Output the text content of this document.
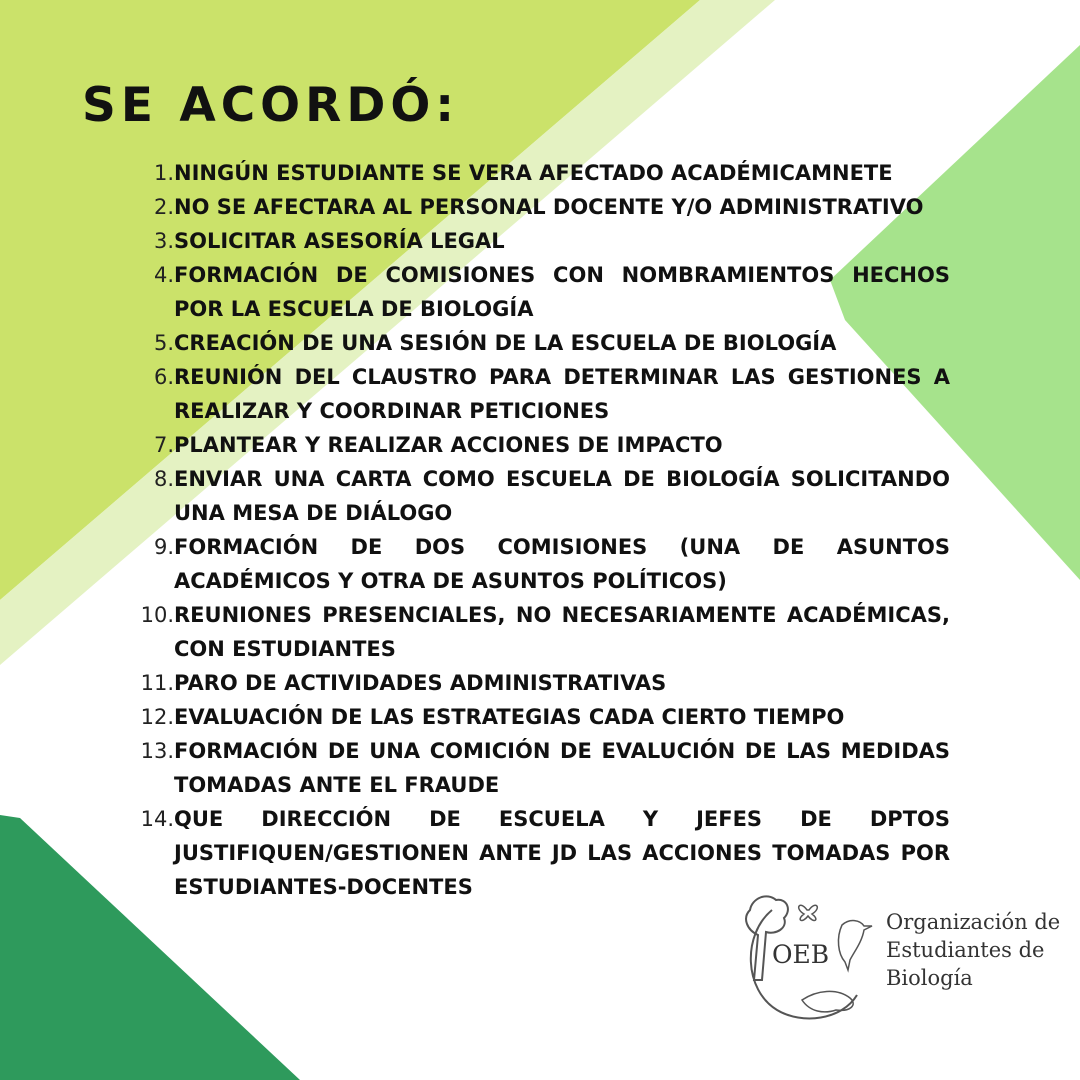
SE ACORDÓ:
1. NINGÚN ESTUDIANTE SE VERA AFECTADO ACADÉMICAMNETE
2. NO SE AFECTARA AL PERSONAL DOCENTE Y/O ADMINISTRATIVO
3. SOLICITAR ASESORÍA LEGAL
4. FORMACIÓN DE COMISIONES CON NOMBRAMIENTOS HECHOS POR LA ESCUELA DE BIOLOGÍA
5. CREACIÓN DE UNA SESIÓN DE LA ESCUELA DE BIOLOGÍA
6. REUNIÓN DEL CLAUSTRO PARA DETERMINAR LAS GESTIONES A REALIZAR Y COORDINAR PETICIONES
7. PLANTEAR Y REALIZAR ACCIONES DE IMPACTO
8. ENVIAR UNA CARTA COMO ESCUELA DE BIOLOGÍA SOLICITANDO UNA MESA DE DIÁLOGO
9. FORMACIÓN DE DOS COMISIONES (UNA DE ASUNTOS ACADÉMICOS Y OTRA DE ASUNTOS POLÍTICOS)
10. REUNIONES PRESENCIALES, NO NECESARIAMENTE ACADÉMICAS, CON ESTUDIANTES
11. PARO DE ACTIVIDADES ADMINISTRATIVAS
12. EVALUACIÓN DE LAS ESTRATEGIAS CADA CIERTO TIEMPO
13. FORMACIÓN DE UNA COMICIÓN DE EVALUCIÓN DE LAS MEDIDAS TOMADAS ANTE EL FRAUDE
14. QUE DIRECCIÓN DE ESCUELA Y JEFES DE DPTOS JUSTIFIQUEN/GESTIONEN ANTE JD LAS ACCIONES TOMADAS POR ESTUDIANTES-DOCENTES
OEB
Organización de
Estudiantes de
Biología
